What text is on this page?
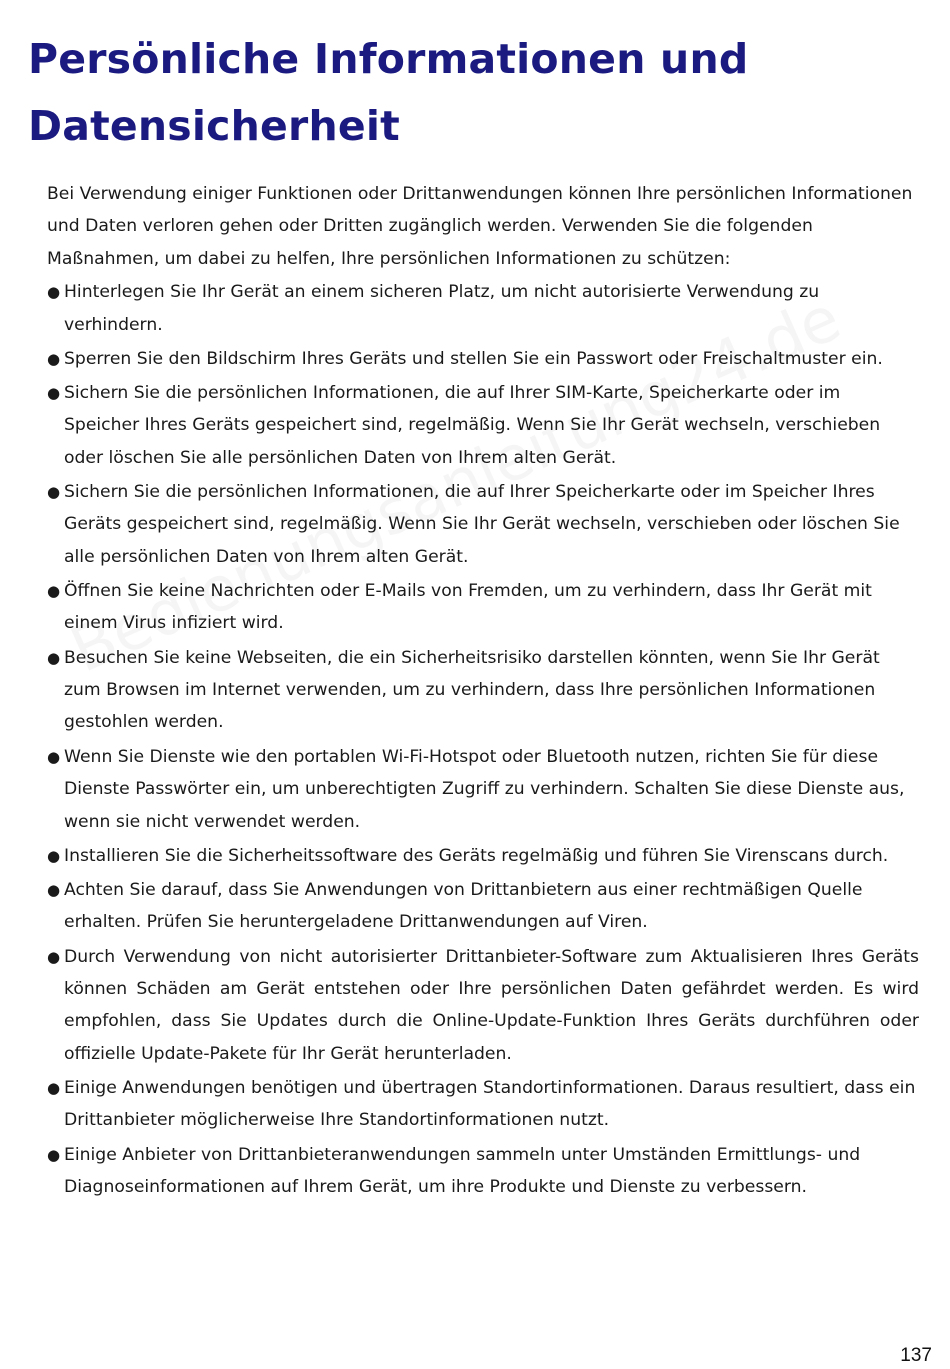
Persönliche Informationen und Datensicherheit

Bei Verwendung einiger Funktionen oder Drittanwendungen können Ihre persönlichen Informationen und Daten verloren gehen oder Dritten zugänglich werden. Verwenden Sie die folgenden Maßnahmen, um dabei zu helfen, Ihre persönlichen Informationen zu schützen:

● Hinterlegen Sie Ihr Gerät an einem sicheren Platz, um nicht autorisierte Verwendung zu verhindern.
● Sperren Sie den Bildschirm Ihres Geräts und stellen Sie ein Passwort oder Freischaltmuster ein.
● Sichern Sie die persönlichen Informationen, die auf Ihrer SIM-Karte, Speicherkarte oder im Speicher Ihres Geräts gespeichert sind, regelmäßig. Wenn Sie Ihr Gerät wechseln, verschieben oder löschen Sie alle persönlichen Daten von Ihrem alten Gerät.
● Sichern Sie die persönlichen Informationen, die auf Ihrer Speicherkarte oder im Speicher Ihres Geräts gespeichert sind, regelmäßig. Wenn Sie Ihr Gerät wechseln, verschieben oder löschen Sie alle persönlichen Daten von Ihrem alten Gerät.
● Öffnen Sie keine Nachrichten oder E-Mails von Fremden, um zu verhindern, dass Ihr Gerät mit einem Virus infiziert wird.
● Besuchen Sie keine Webseiten, die ein Sicherheitsrisiko darstellen könnten, wenn Sie Ihr Gerät zum Browsen im Internet verwenden, um zu verhindern, dass Ihre persönlichen Informationen gestohlen werden.
● Wenn Sie Dienste wie den portablen Wi-Fi-Hotspot oder Bluetooth nutzen, richten Sie für diese Dienste Passwörter ein, um unberechtigten Zugriff zu verhindern. Schalten Sie diese Dienste aus, wenn sie nicht verwendet werden.
● Installieren Sie die Sicherheitssoftware des Geräts regelmäßig und führen Sie Virenscans durch.
● Achten Sie darauf, dass Sie Anwendungen von Drittanbietern aus einer rechtmäßigen Quelle erhalten. Prüfen Sie heruntergeladene Drittanwendungen auf Viren.
● Durch Verwendung von nicht autorisierter Drittanbieter-Software zum Aktualisieren Ihres Geräts können Schäden am Gerät entstehen oder Ihre persönlichen Daten gefährdet werden. Es wird empfohlen, dass Sie Updates durch die Online-Update-Funktion Ihres Geräts durchführen oder offizielle Update-Pakete für Ihr Gerät herunterladen.
● Einige Anwendungen benötigen und übertragen Standortinformationen. Daraus resultiert, dass ein Drittanbieter möglicherweise Ihre Standortinformationen nutzt.
● Einige Anbieter von Drittanbieteranwendungen sammeln unter Umständen Ermittlungs- und Diagnoseinformationen auf Ihrem Gerät, um ihre Produkte und Dienste zu verbessern.
137
